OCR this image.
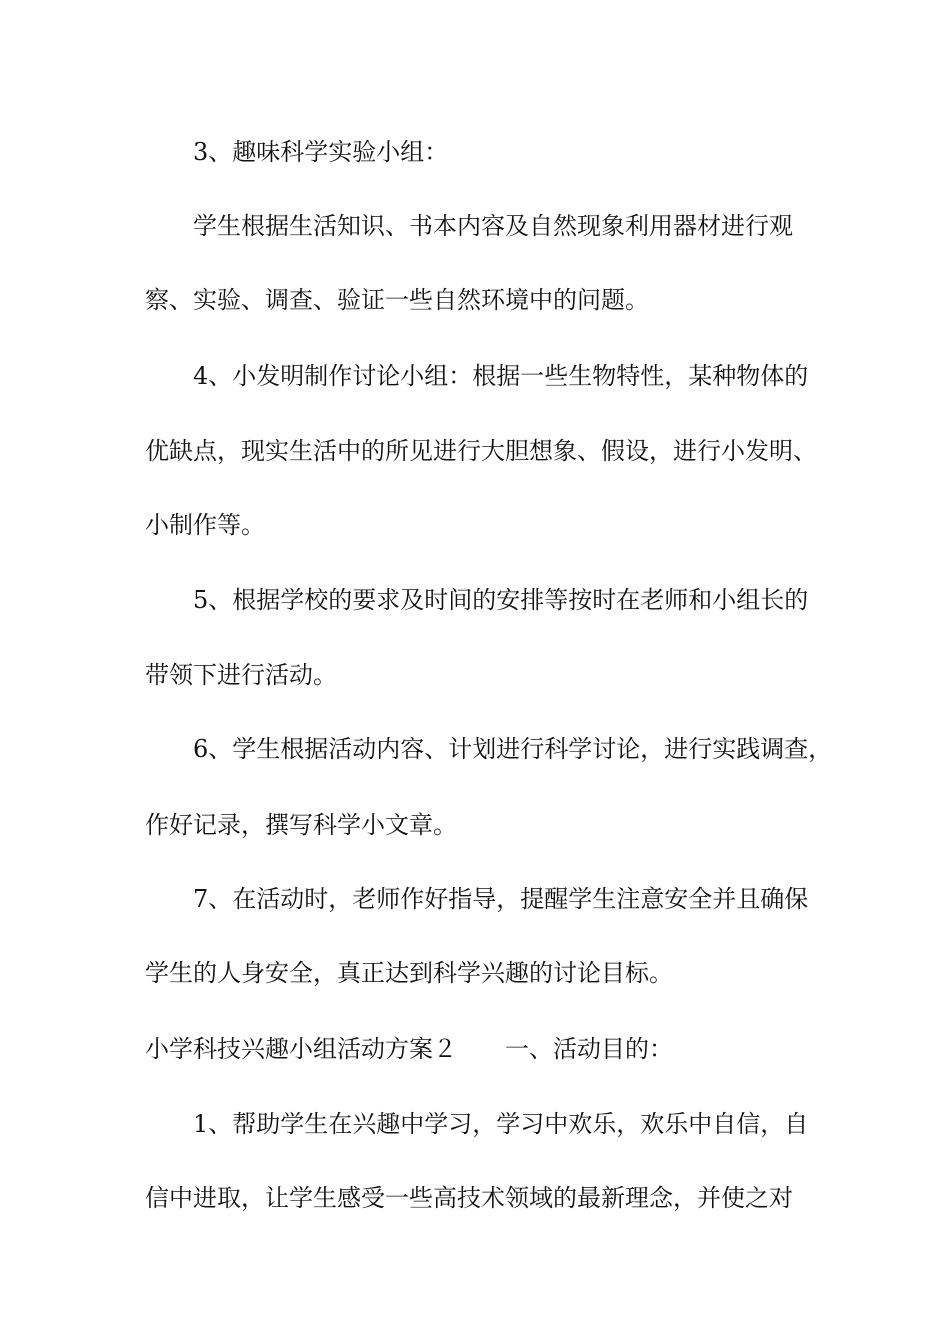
3、趣味科学实验小组：
学生根据生活知识、书本内容及自然现象利用器材进行观
察、实验、调查、验证一些自然环境中的问题。
4、小发明制作讨论小组：根据一些生物特性，某种物体的
优缺点，现实生活中的所见进行大胆想象、假设，进行小发明、
小制作等。
5、根据学校的要求及时间的安排等按时在老师和小组长的
带领下进行活动。
6、学生根据活动内容、计划进行科学讨论，进行实践调查，
作好记录，撰写科学小文章。
7、在活动时，老师作好指导，提醒学生注意安全并且确保
学生的人身安全，真正达到科学兴趣的讨论目标。
小学科技兴趣小组活动方案２　　一、活动目的：
1、帮助学生在兴趣中学习，学习中欢乐，欢乐中自信，自
信中进取，让学生感受一些高技术领域的最新理念，并使之对
